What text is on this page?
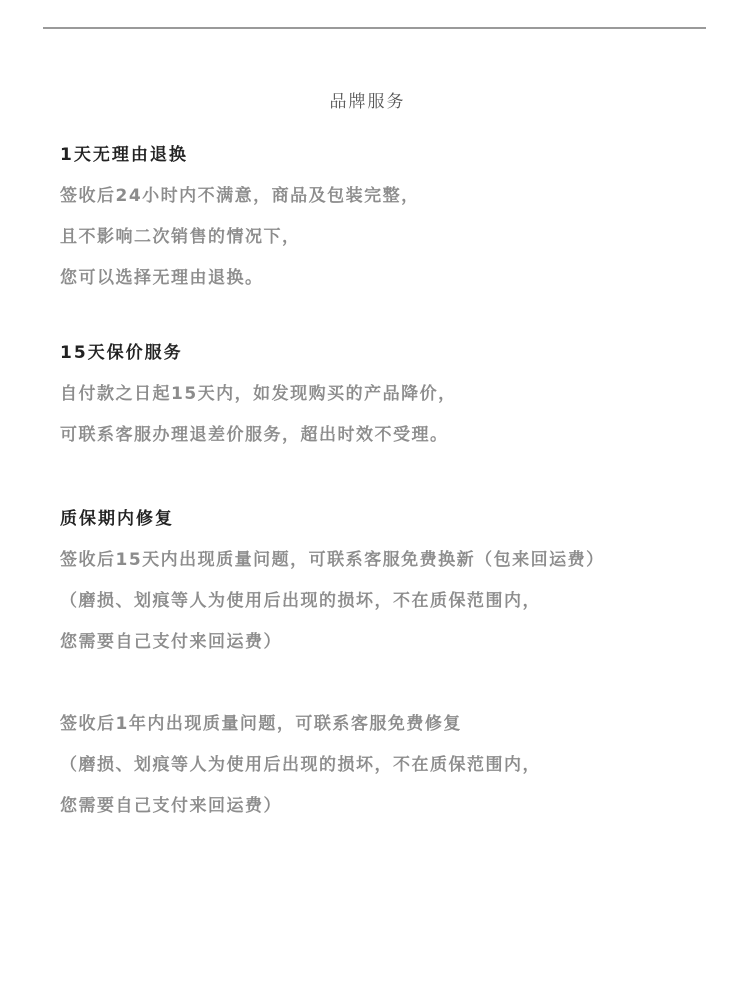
品牌服务
1天无理由退换
签收后24小时内不满意，商品及包装完整，
且不影响二次销售的情况下，
您可以选择无理由退换。
15天保价服务
自付款之日起15天内，如发现购买的产品降价，
可联系客服办理退差价服务，超出时效不受理。
质保期内修复
签收后15天内出现质量问题，可联系客服免费换新（包来回运费）
（磨损、划痕等人为使用后出现的损坏，不在质保范围内，
您需要自己支付来回运费）
签收后1年内出现质量问题，可联系客服免费修复
（磨损、划痕等人为使用后出现的损坏，不在质保范围内，
您需要自己支付来回运费）
